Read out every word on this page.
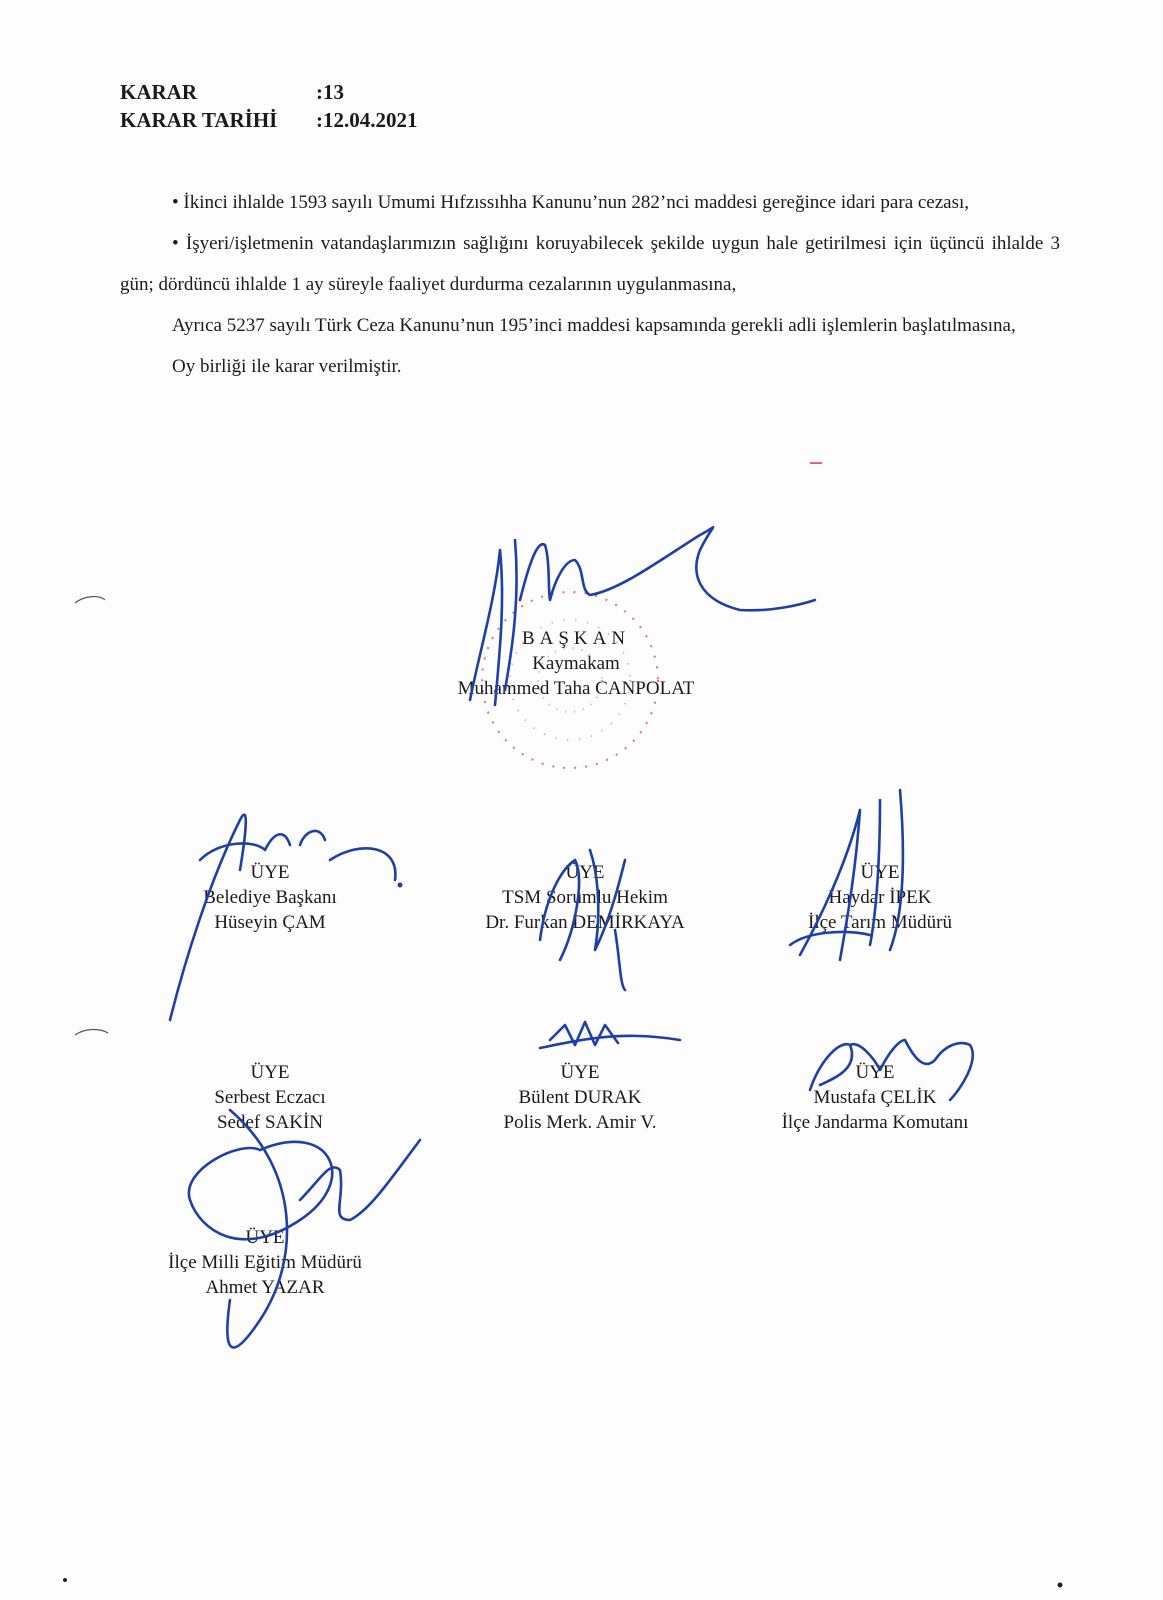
KARAR	:13
KARAR TARİHİ	:12.04.2021

• İkinci ihlalde 1593 sayılı Umumi Hıfzıssıhha Kanunu’nun 282’nci maddesi gereğince idari para cezası,

• İşyeri/işletmenin vatandaşlarımızın sağlığını koruyabilecek şekilde uygun hale getirilmesi için üçüncü ihlalde 3 gün; dördüncü ihlalde 1 ay süreyle faaliyet durdurma cezalarının uygulanmasına,

Ayrıca 5237 sayılı Türk Ceza Kanunu’nun 195’inci maddesi kapsamında gerekli adli işlemlerin başlatılmasına,

Oy birliği ile karar verilmiştir.

BAŞKAN
Kaymakam
Muhammed Taha CANPOLAT
ÜYE
Belediye Başkanı
Hüseyin ÇAM
ÜYE
TSM Sorumlu Hekim
Dr. Furkan DEMİRKAYA
ÜYE
Haydar İPEK
İlçe Tarım Müdürü
ÜYE
Serbest Eczacı
Sedef SAKİN
ÜYE
Bülent DURAK
Polis Merk. Amir V.
ÜYE
Mustafa ÇELİK
İlçe Jandarma Komutanı
ÜYE
İlçe Milli Eğitim Müdürü
Ahmet YAZAR
